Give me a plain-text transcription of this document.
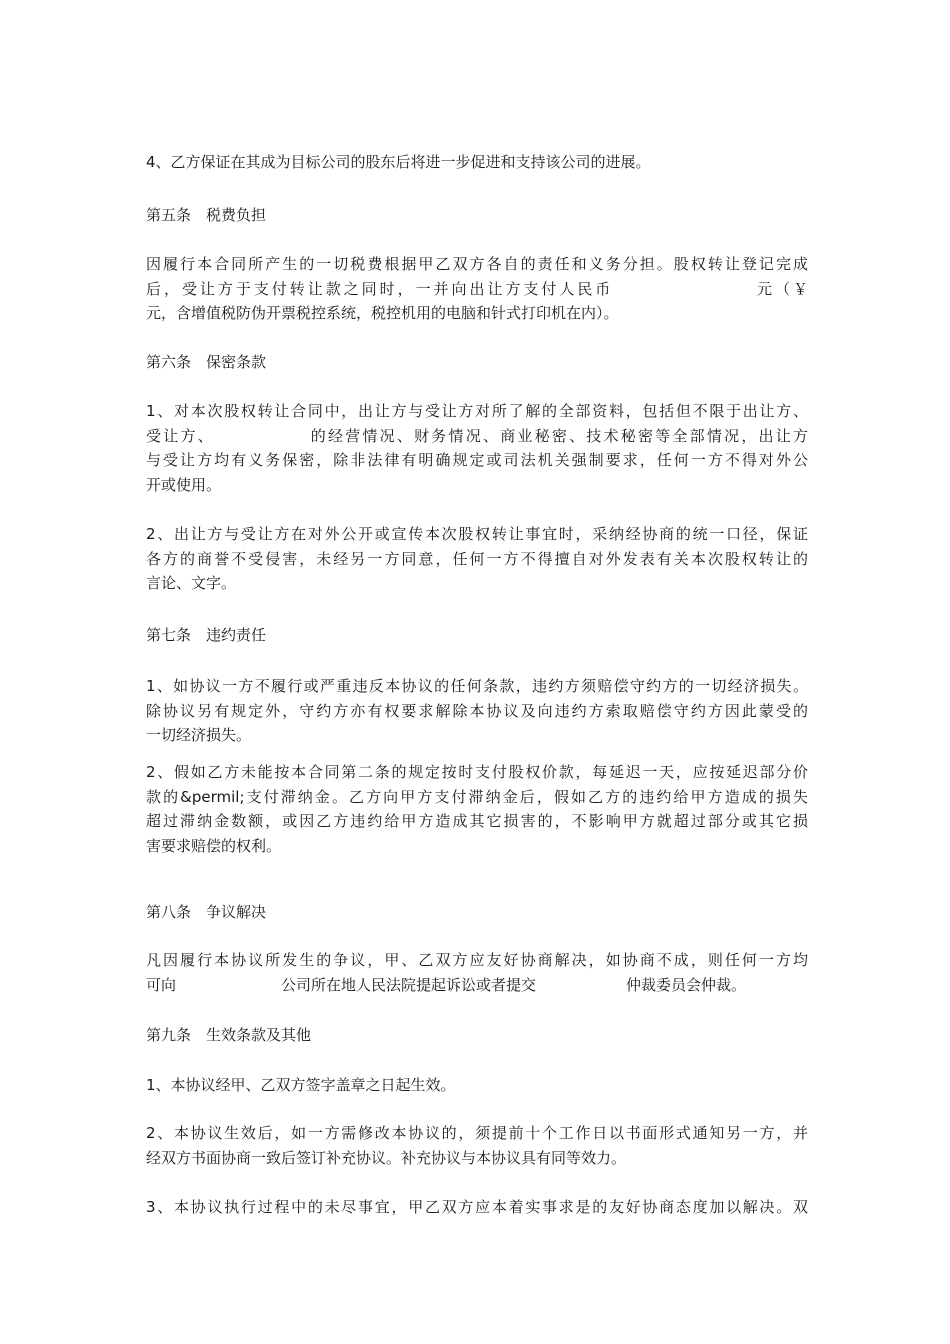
4、乙方保证在其成为目标公司的股东后将进一步促进和支持该公司的进展。
第五条　税费负担
因履行本合同所产生的一切税费根据甲乙双方各自的责任和义务分担。股权转让登记完成
后，受让方于支付转让款之同时，一并向出让方支付人民币　　　　　　　　元（￥
元，含增值税防伪开票税控系统，税控机用的电脑和针式打印机在内）。
第六条　保密条款
1、对本次股权转让合同中，出让方与受让方对所了解的全部资料，包括但不限于出让方、
受让方、　　　　　　的经营情况、财务情况、商业秘密、技术秘密等全部情况，出让方
与受让方均有义务保密，除非法律有明确规定或司法机关强制要求，任何一方不得对外公
开或使用。
2、出让方与受让方在对外公开或宣传本次股权转让事宜时，采纳经协商的统一口径，保证
各方的商誉不受侵害，未经另一方同意，任何一方不得擅自对外发表有关本次股权转让的
言论、文字。
第七条　违约责任
1、如协议一方不履行或严重违反本协议的任何条款，违约方须赔偿守约方的一切经济损失。
除协议另有规定外，守约方亦有权要求解除本协议及向违约方索取赔偿守约方因此蒙受的
一切经济损失。
2、假如乙方未能按本合同第二条的规定按时支付股权价款，每延迟一天，应按延迟部分价
款的&permil;支付滞纳金。乙方向甲方支付滞纳金后，假如乙方的违约给甲方造成的损失
超过滞纳金数额，或因乙方违约给甲方造成其它损害的，不影响甲方就超过部分或其它损
害要求赔偿的权利。
第八条　争议解决
凡因履行本协议所发生的争议，甲、乙双方应友好协商解决，如协商不成，则任何一方均
可向　　　　　　　公司所在地人民法院提起诉讼或者提交　　　　　　仲裁委员会仲裁。
第九条　生效条款及其他
1、本协议经甲、乙双方签字盖章之日起生效。
2、本协议生效后，如一方需修改本协议的，须提前十个工作日以书面形式通知另一方，并
经双方书面协商一致后签订补充协议。补充协议与本协议具有同等效力。
3、本协议执行过程中的未尽事宜，甲乙双方应本着实事求是的友好协商态度加以解决。双
